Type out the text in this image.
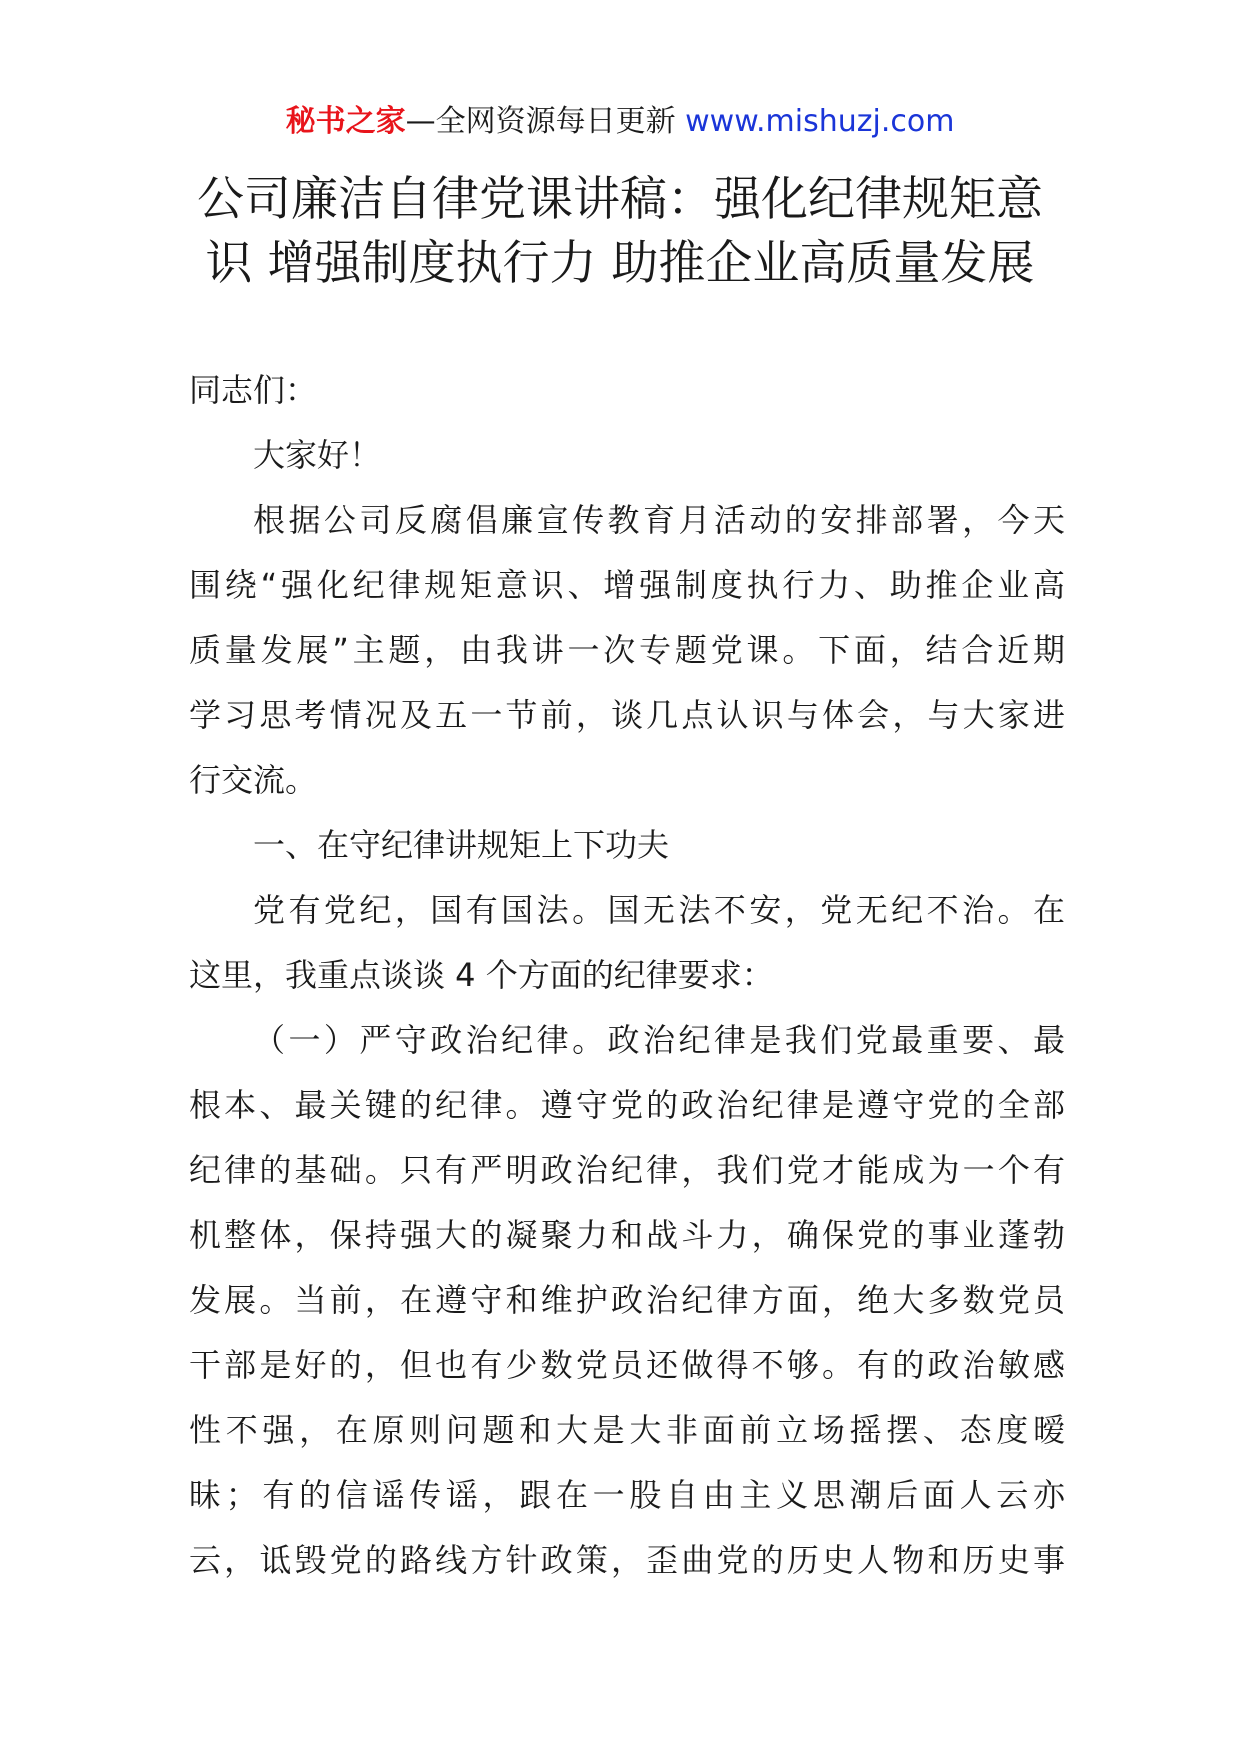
秘书之家—全网资源每日更新 www.mishuzj.com
公司廉洁自律党课讲稿：强化纪律规矩意
识 增强制度执行力 助推企业高质量发展

同志们：

大家好！

根据公司反腐倡廉宣传教育月活动的安排部署，今天

围绕“强化纪律规矩意识、增强制度执行力、助推企业高

质量发展”主题，由我讲一次专题党课。下面，结合近期

学习思考情况及五一节前，谈几点认识与体会，与大家进

行交流。

一、在守纪律讲规矩上下功夫

党有党纪，国有国法。国无法不安，党无纪不治。在

这里，我重点谈谈 4 个方面的纪律要求：

（一）严守政治纪律。政治纪律是我们党最重要、最

根本、最关键的纪律。遵守党的政治纪律是遵守党的全部

纪律的基础。只有严明政治纪律，我们党才能成为一个有

机整体，保持强大的凝聚力和战斗力，确保党的事业蓬勃

发展。当前，在遵守和维护政治纪律方面，绝大多数党员

干部是好的，但也有少数党员还做得不够。有的政治敏感

性不强，在原则问题和大是大非面前立场摇摆、态度暧

昧；有的信谣传谣，跟在一股自由主义思潮后面人云亦

云，诋毁党的路线方针政策，歪曲党的历史人物和历史事
